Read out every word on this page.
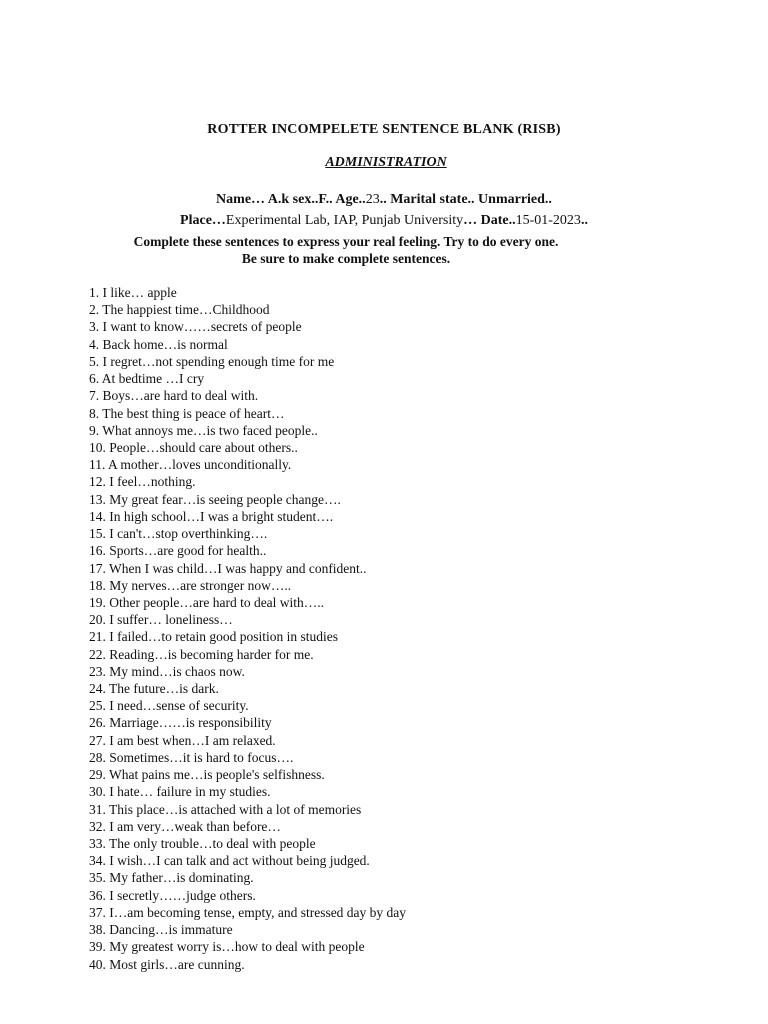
ROTTER INCOMPELETE SENTENCE BLANK (RISB)
ADMINISTRATION
Name… A.k sex..F.. Age..23.. Marital state.. Unmarried..
Place…Experimental Lab, IAP, Punjab University… Date..15-01-2023..
Complete these sentences to express your real feeling. Try to do every one.
Be sure to make complete sentences.
1. I like… apple
2. The happiest time…Childhood
3. I want to know……secrets of people
4. Back home…is normal
5. I regret…not spending enough time for me
6. At bedtime …I cry
7. Boys…are hard to deal with.
8. The best thing is peace of heart…
9. What annoys me…is two faced people..
10. People…should care about others..
11. A mother…loves unconditionally.
12. I feel…nothing.
13. My great fear…is seeing people change….
14. In high school…I was a bright student….
15. I can't…stop overthinking….
16. Sports…are good for health..
17. When I was child…I was happy and confident..
18. My nerves…are stronger now…..
19. Other people…are hard to deal with…..
20. I suffer… loneliness…
21. I failed…to retain good position in studies
22. Reading…is becoming harder for me.
23. My mind…is chaos now.
24. The future…is dark.
25. I need…sense of security.
26. Marriage……is responsibility
27. I am best when…I am relaxed.
28. Sometimes…it is hard to focus….
29. What pains me…is people's selfishness.
30. I hate… failure in my studies.
31. This place…is attached with a lot of memories
32. I am very…weak than before…
33. The only trouble…to deal with people
34. I wish…I can talk and act without being judged.
35. My father…is dominating.
36. I secretly……judge others.
37. I…am becoming tense, empty, and stressed day by day
38. Dancing…is immature
39. My greatest worry is…how to deal with people
40. Most girls…are cunning.
